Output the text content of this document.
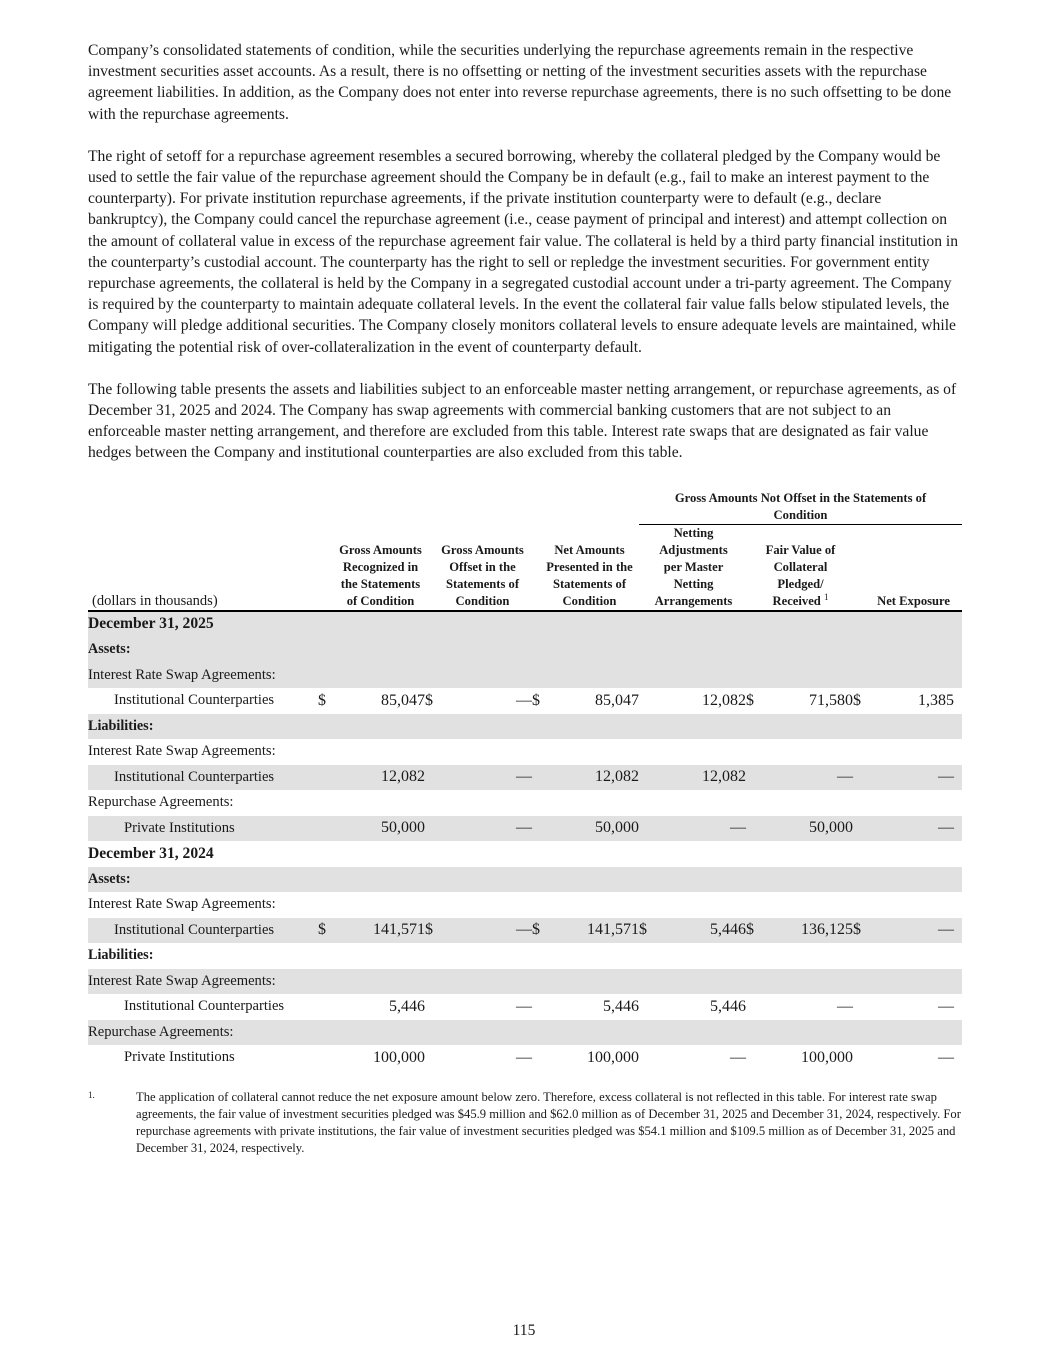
Company’s consolidated statements of condition, while the securities underlying the repurchase agreements remain in the respective investment securities asset accounts. As a result, there is no offsetting or netting of the investment securities assets with the repurchase agreement liabilities. In addition, as the Company does not enter into reverse repurchase agreements, there is no such offsetting to be done with the repurchase agreements.

The right of setoff for a repurchase agreement resembles a secured borrowing, whereby the collateral pledged by the Company would be used to settle the fair value of the repurchase agreement should the Company be in default (e.g., fail to make an interest payment to the counterparty). For private institution repurchase agreements, if the private institution counterparty were to default (e.g., declare bankruptcy), the Company could cancel the repurchase agreement (i.e., cease payment of principal and interest) and attempt collection on the amount of collateral value in excess of the repurchase agreement fair value. The collateral is held by a third party financial institution in the counterparty’s custodial account. The counterparty has the right to sell or repledge the investment securities. For government entity repurchase agreements, the collateral is held by the Company in a segregated custodial account under a tri-party agreement. The Company is required by the counterparty to maintain adequate collateral levels. In the event the collateral fair value falls below stipulated levels, the Company will pledge additional securities. The Company closely monitors collateral levels to ensure adequate levels are maintained, while mitigating the potential risk of over-collateralization in the event of counterparty default.

The following table presents the assets and liabilities subject to an enforceable master netting arrangement, or repurchase agreements, as of December 31, 2025 and 2024. The Company has swap agreements with commercial banking customers that are not subject to an enforceable master netting arrangement, and therefore are excluded from this table. Interest rate swaps that are designated as fair value hedges between the Company and institutional counterparties are also excluded from this table.

							Gross Amounts Not Offset in the Statements of Condition					
(dollars in thousands)	Gross Amounts Recognized in the Statements of Condition		Gross Amounts Offset in the Statements of Condition		Net Amounts Presented in the Statements of Condition		Netting Adjustments per Master Netting Arrangements		Fair Value of Collateral Pledged/ Received $^1$		Net Exposure	
December 31, 2025												
Assets:												
Interest Rate Swap Agreements:												
Institutional Counterparties	$	85,047	$	—	$	85,047		12,082	$	71,580	$	1,385
Liabilities:												
Interest Rate Swap Agreements:												
Institutional Counterparties		12,082		—		12,082		12,082		—		—
Repurchase Agreements:												
Private Institutions		50,000		—		50,000		—		50,000		—
December 31, 2024												
Assets:												
Interest Rate Swap Agreements:												
Institutional Counterparties	$	141,571	$	—	$	141,571	$	5,446	$	136,125	$	—
Liabilities:												
Interest Rate Swap Agreements:												
Institutional Counterparties		5,446		—		5,446		5,446		—		—
Repurchase Agreements:												
Private Institutions		100,000		—		100,000		—		100,000		—
1.	The application of collateral cannot reduce the net exposure amount below zero. Therefore, excess collateral is not reflected in this table. For interest rate swap agreements, the fair value of investment securities pledged was $45.9 million and $62.0 million as of December 31, 2025 and December 31, 2024, respectively. For repurchase agreements with private institutions, the fair value of investment securities pledged was $54.1 million and $109.5 million as of December 31, 2025 and December 31, 2024, respectively.
115
